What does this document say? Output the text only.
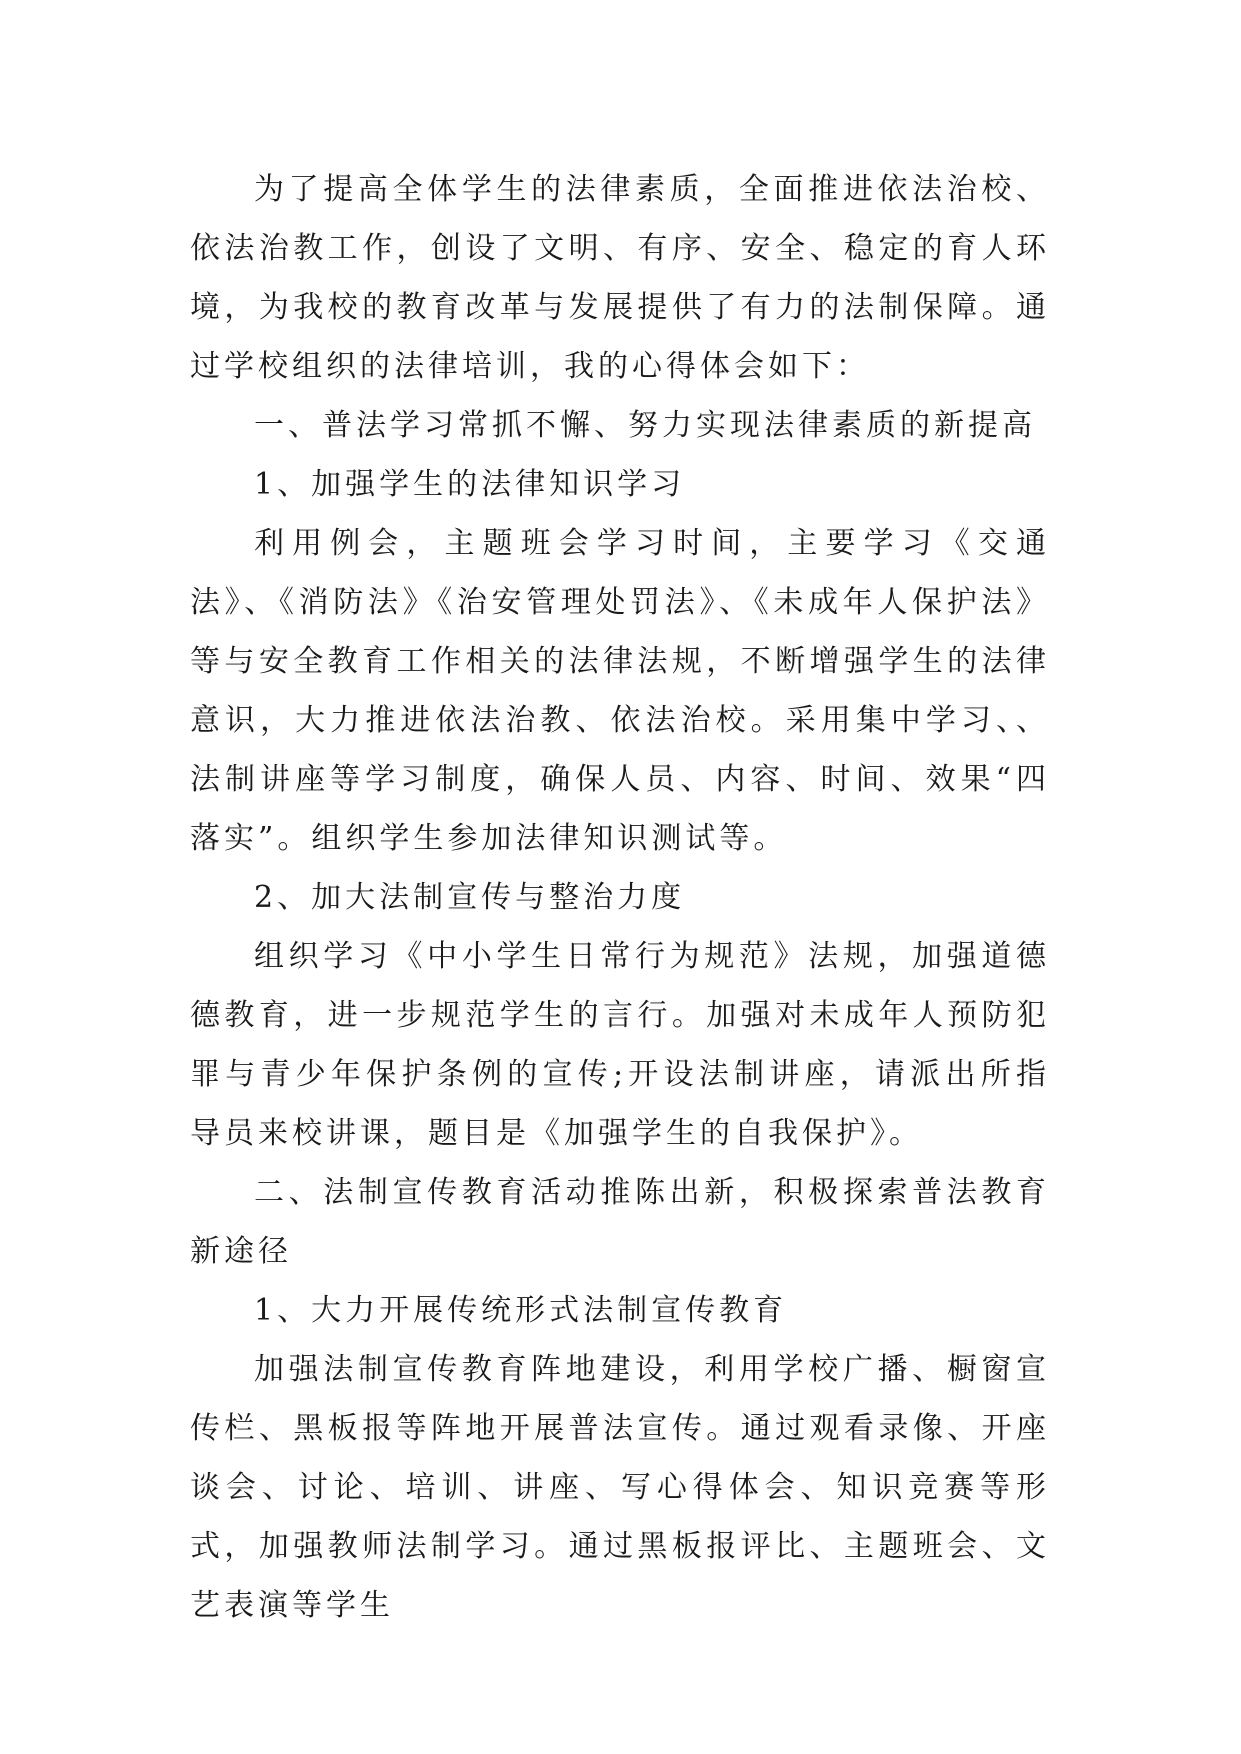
为了提高全体学生的法律素质，全面推进依法治校、依法治教工作，创设了文明、有序、安全、稳定的育人环境，为我校的教育改革与发展提供了有力的法制保障。通过学校组织的法律培训，我的心得体会如下：

一、普法学习常抓不懈、努力实现法律素质的新提高

1、加强学生的法律知识学习

利用例会，主题班会学习时间，主要学习《交通法》、《消防法》《治安管理处罚法》、《未成年人保护法》等与安全教育工作相关的法律法规，不断增强学生的法律意识，大力推进依法治教、依法治校。采用集中学习、、法制讲座等学习制度，确保人员、内容、时间、效果“四落实”。组织学生参加法律知识测试等。

2、加大法制宣传与整治力度

组织学习《中小学生日常行为规范》法规，加强道德德教育，进一步规范学生的言行。加强对未成年人预防犯罪与青少年保护条例的宣传;开设法制讲座，请派出所指导员来校讲课，题目是《加强学生的自我保护》。

二、法制宣传教育活动推陈出新，积极探索普法教育新途径

1、大力开展传统形式法制宣传教育

加强法制宣传教育阵地建设，利用学校广播、橱窗宣传栏、黑板报等阵地开展普法宣传。通过观看录像、开座谈会、讨论、培训、讲座、写心得体会、知识竞赛等形式，加强教师法制学习。通过黑板报评比、主题班会、文艺表演等学生
